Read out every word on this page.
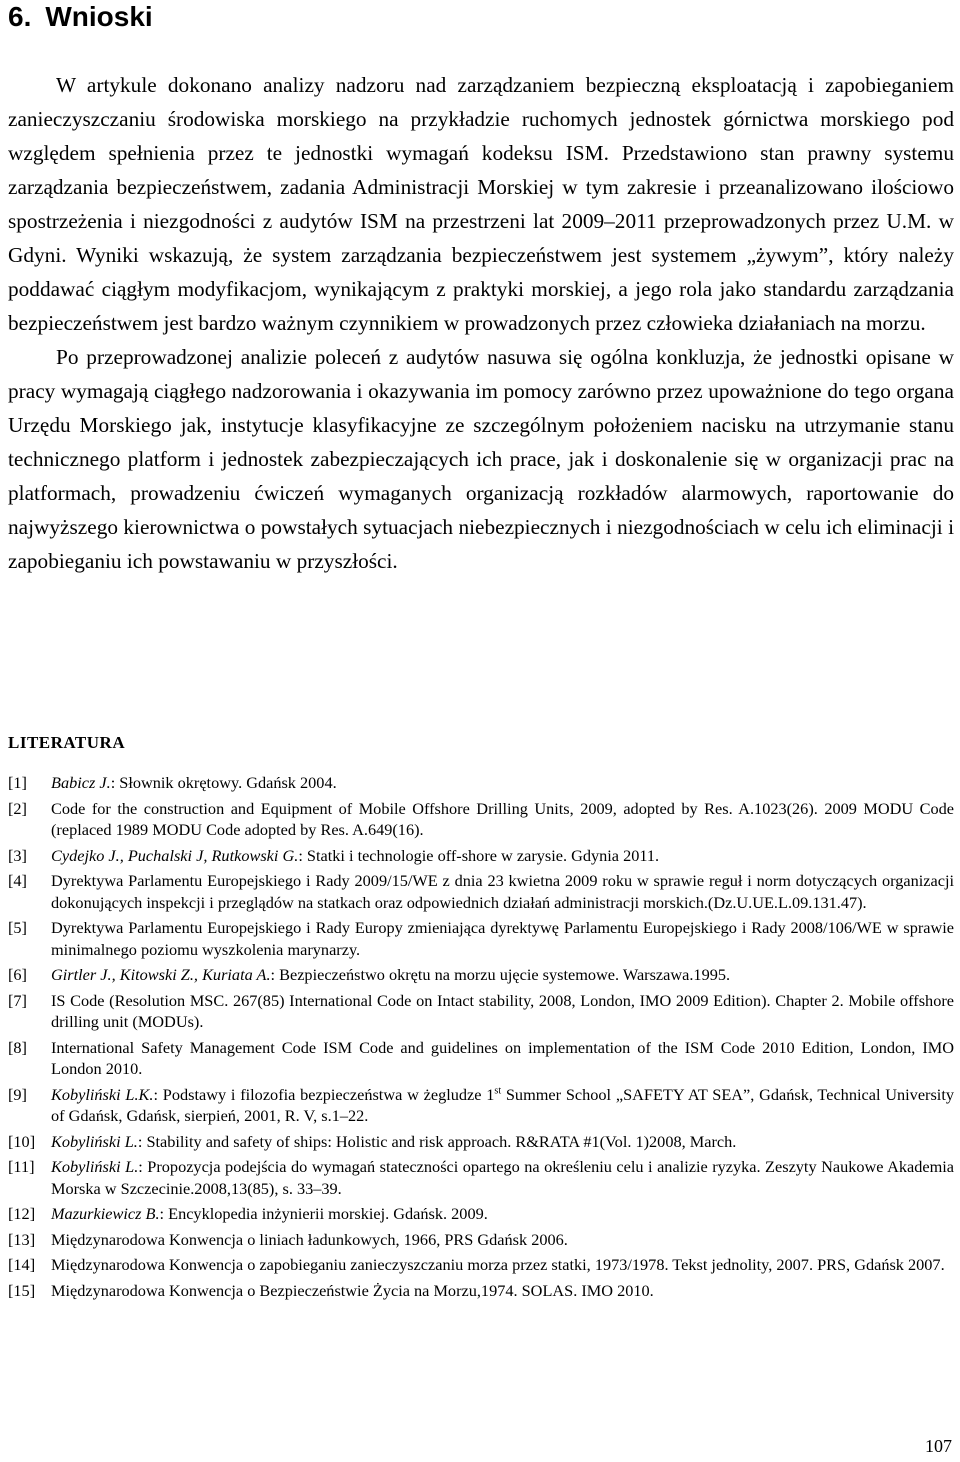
6. Wnioski

W artykule dokonano analizy nadzoru nad zarządzaniem bezpieczną eksploatacją i zapobieganiem zanieczyszczaniu środowiska morskiego na przykładzie ruchomych jednostek górnictwa morskiego pod względem spełnienia przez te jednostki wymagań kodeksu ISM. Przedstawiono stan prawny systemu zarządzania bezpieczeństwem, zadania Administracji Morskiej w tym zakresie i przeanalizowano ilościowo spostrzeżenia i niezgodności z audytów ISM na przestrzeni lat 2009–2011 przeprowadzonych przez U.M. w Gdyni. Wyniki wskazują, że system zarządzania bezpieczeństwem jest systemem „żywym”, który należy poddawać ciągłym modyfikacjom, wynikającym z praktyki morskiej, a jego rola jako standardu zarządzania bezpieczeństwem jest bardzo ważnym czynnikiem w prowadzonych przez człowieka działaniach na morzu.

Po przeprowadzonej analizie poleceń z audytów nasuwa się ogólna konkluzja, że jednostki opisane w pracy wymagają ciągłego nadzorowania i okazywania im pomocy zarówno przez upoważnione do tego organa Urzędu Morskiego jak, instytucje klasyfikacyjne ze szczególnym położeniem nacisku na utrzymanie stanu technicznego platform i jednostek zabezpieczających ich prace, jak i doskonalenie się w organizacji prac na platformach, prowadzeniu ćwiczeń wymaganych organizacją rozkładów alarmowych, raportowanie do najwyższego kierownictwa o powstałych sytuacjach niebezpiecznych i niezgodnościach w celu ich eliminacji i zapobieganiu ich powstawaniu w przyszłości.

LITERATURA
[1]	Babicz J.: Słownik okrętowy. Gdańsk 2004.
[2]	Code for the construction and Equipment of Mobile Offshore Drilling Units, 2009, adopted by Res. A.1023(26). 2009 MODU Code (replaced 1989 MODU Code adopted by Res. A.649(16).
[3]	Cydejko J., Puchalski J, Rutkowski G.: Statki i technologie off-shore w zarysie. Gdynia 2011.
[4]	Dyrektywa Parlamentu Europejskiego i Rady 2009/15/WE z dnia 23 kwietna 2009 roku w sprawie reguł i norm dotyczących organizacji dokonujących inspekcji i przeglądów na statkach oraz odpowiednich działań administracji morskich.(Dz.U.UE.L.09.131.47).
[5]	Dyrektywa Parlamentu Europejskiego i Rady Europy zmieniająca dyrektywę Parlamentu Europejskiego i Rady 2008/106/WE w sprawie minimalnego poziomu wyszkolenia marynarzy.
[6]	Girtler J., Kitowski Z., Kuriata A.: Bezpieczeństwo okrętu na morzu ujęcie systemowe. Warszawa.1995.
[7]	IS Code (Resolution MSC. 267(85) International Code on Intact stability, 2008, London, IMO 2009 Edition). Chapter 2. Mobile offshore drilling unit (MODUs).
[8]	International Safety Management Code ISM Code and guidelines on implementation of the ISM Code 2010 Edition, London, IMO London 2010.
[9]	Kobyliński L.K.: Podstawy i filozofia bezpieczeństwa w żegludze 1st Summer School „SAFETY AT SEA”, Gdańsk, Technical University of Gdańsk, Gdańsk, sierpień, 2001, R. V, s.1–22.
[10] Kobyliński L.: Stability and safety of ships: Holistic and risk approach. R&RATA #1(Vol. 1)2008, March.
[11]	Kobyliński L.: Propozycja podejścia do wymagań stateczności opartego na określeniu celu i analizie ryzyka. Zeszyty Naukowe Akademia Morska w Szczecinie.2008,13(85), s. 33–39.
[12] Mazurkiewicz B.: Encyklopedia inżynierii morskiej. Gdańsk. 2009.
[13] Międzynarodowa Konwencja o liniach ładunkowych, 1966, PRS Gdańsk 2006.
[14] Międzynarodowa Konwencja o zapobieganiu zanieczyszczaniu morza przez statki, 1973/1978. Tekst jednolity, 2007. PRS, Gdańsk 2007.
[15] Międzynarodowa Konwencja o Bezpieczeństwie Życia na Morzu,1974. SOLAS. IMO 2010.
107
